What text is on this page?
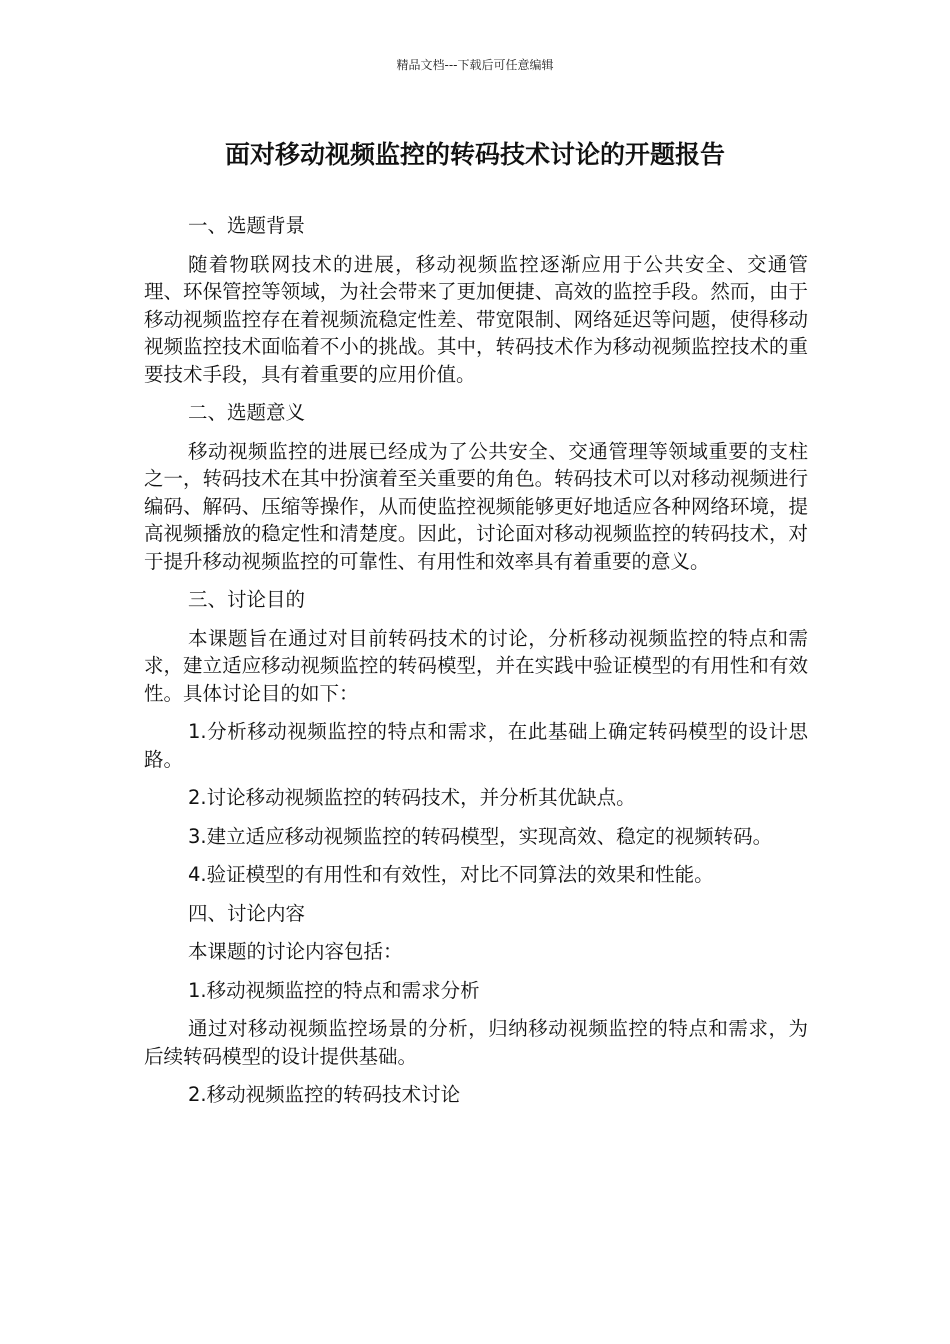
精品文档---下载后可任意编辑
面对移动视频监控的转码技术讨论的开题报告

一、选题背景

随着物联网技术的进展，移动视频监控逐渐应用于公共安全、交通管理、环保管控等领域，为社会带来了更加便捷、高效的监控手段。然而，由于移动视频监控存在着视频流稳定性差、带宽限制、网络延迟等问题，使得移动视频监控技术面临着不小的挑战。其中，转码技术作为移动视频监控技术的重要技术手段，具有着重要的应用价值。

二、选题意义

移动视频监控的进展已经成为了公共安全、交通管理等领域重要的支柱之一，转码技术在其中扮演着至关重要的角色。转码技术可以对移动视频进行编码、解码、压缩等操作，从而使监控视频能够更好地适应各种网络环境，提高视频播放的稳定性和清楚度。因此，讨论面对移动视频监控的转码技术，对于提升移动视频监控的可靠性、有用性和效率具有着重要的意义。

三、讨论目的

本课题旨在通过对目前转码技术的讨论，分析移动视频监控的特点和需求，建立适应移动视频监控的转码模型，并在实践中验证模型的有用性和有效性。具体讨论目的如下：

1.分析移动视频监控的特点和需求，在此基础上确定转码模型的设计思路。

2.讨论移动视频监控的转码技术，并分析其优缺点。

3.建立适应移动视频监控的转码模型，实现高效、稳定的视频转码。

4.验证模型的有用性和有效性，对比不同算法的效果和性能。

四、讨论内容

本课题的讨论内容包括：

1.移动视频监控的特点和需求分析

通过对移动视频监控场景的分析，归纳移动视频监控的特点和需求，为后续转码模型的设计提供基础。

2.移动视频监控的转码技术讨论
